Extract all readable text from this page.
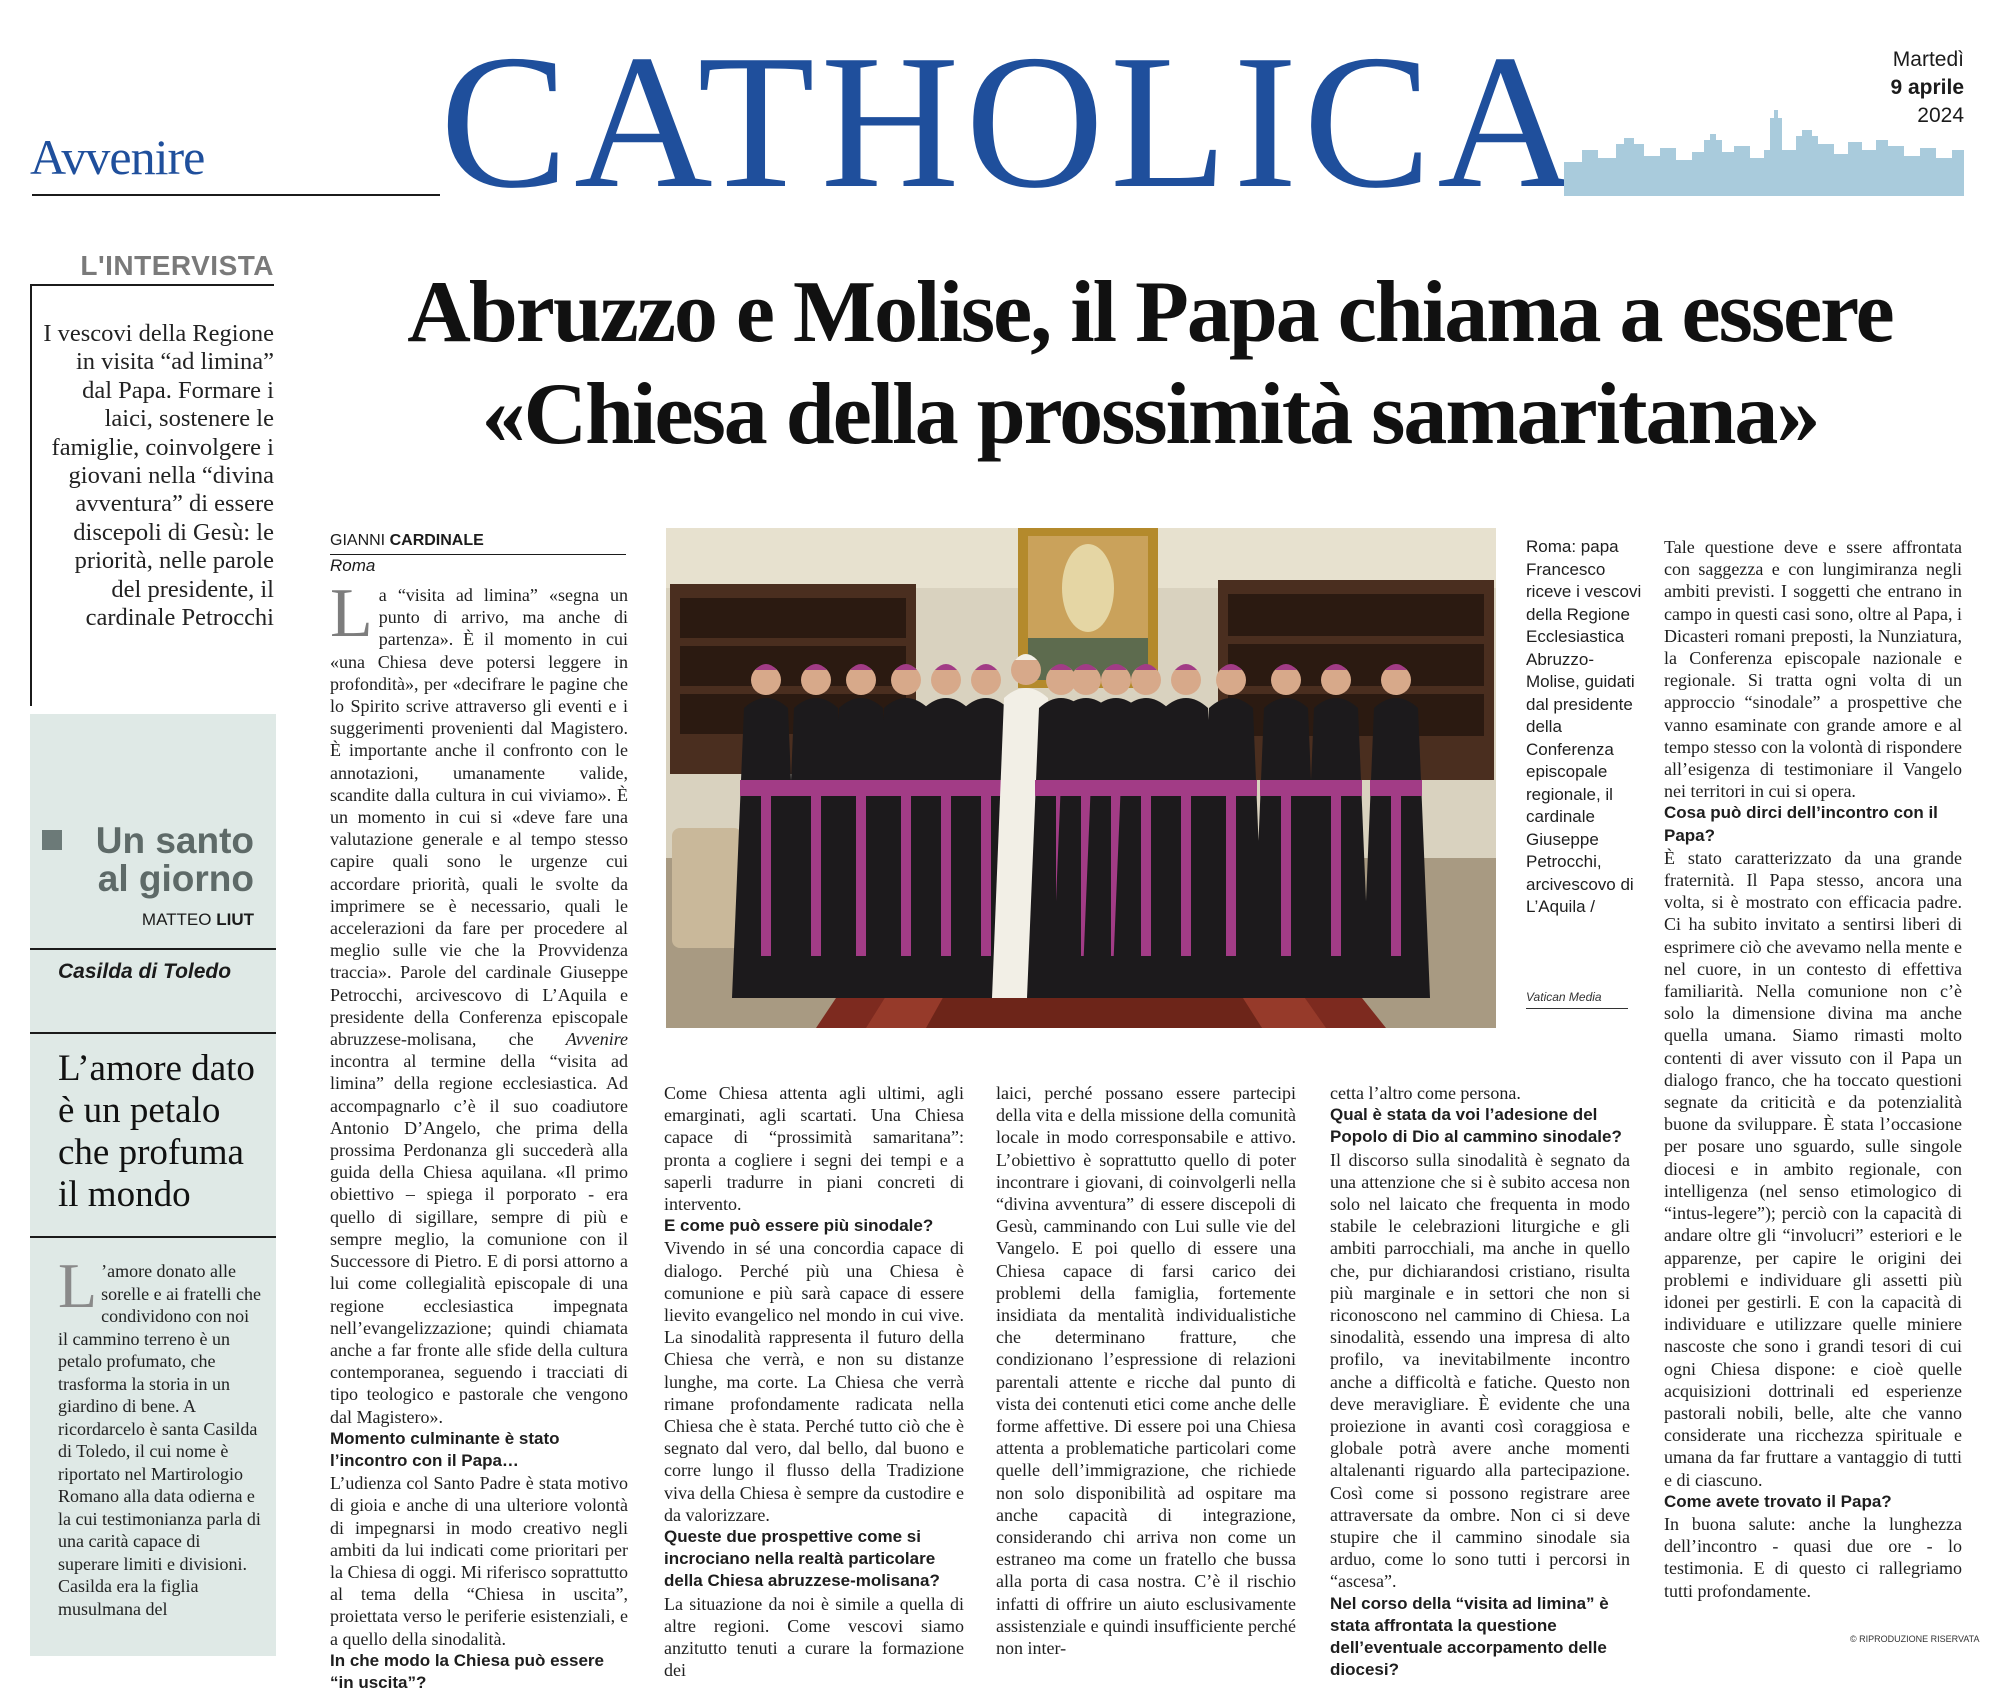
Avvenire CATHOLICA	Martedì
9 aprile
2024
L'INTERVISTA
I vescovi della Regione in visita “ad limina” dal Papa. Formare i laici, sostenere le famiglie, coinvolgere i giovani nella “divina avventura” di essere discepoli di Gesù: le priorità, nelle parole del presidente, il cardinale Petrocchi
Un santo al giorno
MATTEO LIUT
Casilda di Toledo
L’amore dato è un petalo che profuma il mondo
L ’amore donato alle sorelle e ai fratelli che condividono con noi il cammino terreno è un petalo profumato, che trasforma la storia in un giardino di bene. A ricordarcelo è santa Casilda di Toledo, il cui nome è riportato nel Martirologio Romano alla data odierna e la cui testimonianza parla di una carità capace di superare limiti e divisioni. Casilda era la figlia musulmana del
Abruzzo e Molise, il Papa chiama a essere
«Chiesa della prossimità samaritana»
GIANNI CARDINALE
Roma

La “visita ad limina” «segna un punto di arrivo, ma anche di partenza». È il momento in cui «una Chiesa deve potersi leggere in profondità», per «decifrare le pagine che lo Spirito scrive attraverso gli eventi e i suggerimenti provenienti dal Magistero. È importante anche il confronto con le annotazioni, umanamente valide, scandite dalla cultura in cui viviamo». È un momento in cui si «deve fare una valutazione generale e al tempo stesso capire quali sono le urgenze cui accordare priorità, quali le svolte da imprimere se è necessario, quali le accelerazioni da fare per procedere al meglio sulle vie che la Provvidenza traccia». Parole del cardinale Giuseppe Petrocchi, arcivescovo di L’Aquila e presidente della Conferenza episcopale abruzzese-molisana, che Avvenire incontra al termine della “visita ad limina” della regione ecclesiastica. Ad accompagnarlo c’è il suo coadiutore Antonio D’Angelo, che prima della prossima Perdonanza gli succederà alla guida della Chiesa aquilana. «Il primo obiettivo – spiega il porporato - era quello di sigillare, sempre di più e sempre meglio, la comunione con il Successore di Pietro. E di porsi attorno a lui come collegialità episcopale di una regione ecclesiastica impegnata nell’evangelizzazione; quindi chiamata anche a far fronte alle sfide della cultura contemporanea, seguendo i tracciati di tipo teologico e pastorale che vengono dal Magistero».

Momento culminante è stato l’incontro con il Papa…

L’udienza col Santo Padre è stata motivo di gioia e anche di una ulteriore volontà di impegnarsi in modo creativo negli ambiti da lui indicati come prioritari per la Chiesa di oggi. Mi riferisco soprattutto al tema della “Chiesa in uscita”, proiettata verso le periferie esistenziali, e a quello della sinodalità.

In che modo la Chiesa può essere “in uscita”?

Roma: papa Francesco riceve i vescovi della Regione Ecclesiastica Abruzzo-Molise, guidati dal presidente della Conferenza episcopale regionale, il cardinale Giuseppe Petrocchi, arcivescovo di L’Aquila /
Vatican Media

Come Chiesa attenta agli ultimi, agli emarginati, agli scartati. Una Chiesa capace di “prossimità samaritana”: pronta a cogliere i segni dei tempi e a saperli tradurre in piani concreti di intervento.

E come può essere più sinodale?

Vivendo in sé una concordia capace di dialogo. Perché più una Chiesa è comunione e più sarà capace di essere lievito evangelico nel mondo in cui vive. La sinodalità rappresenta il futuro della Chiesa che verrà, e non su distanze lunghe, ma corte. La Chiesa che verrà rimane profondamente radicata nella Chiesa che è stata. Perché tutto ciò che è segnato dal vero, dal bello, dal buono e corre lungo il flusso della Tradizione viva della Chiesa è sempre da custodire e da valorizzare.

Queste due prospettive come si incrociano nella realtà particolare della Chiesa abruzzese-molisana?

La situazione da noi è simile a quella di altre regioni. Come vescovi siamo anzitutto tenuti a curare la formazione dei

laici, perché possano essere partecipi della vita e della missione della comunità locale in modo corresponsabile e attivo. L’obiettivo è soprattutto quello di poter incontrare i giovani, di coinvolgerli nella “divina avventura” di essere discepoli di Gesù, camminando con Lui sulle vie del Vangelo. E poi quello di essere una Chiesa capace di farsi carico dei problemi della famiglia, fortemente insidiata da mentalità individualistiche che determinano fratture, che condizionano l’espressione di relazioni parentali attente e ricche dal punto di vista dei contenuti etici come anche delle forme affettive. Di essere poi una Chiesa attenta a problematiche particolari come quelle dell’immigrazione, che richiede non solo disponibilità ad ospitare ma anche capacità di integrazione, considerando chi arriva non come un estraneo ma come un fratello che bussa alla porta di casa nostra. C’è il rischio infatti di offrire un aiuto esclusivamente assistenziale e quindi insufficiente perché non inter-

cetta l’altro come persona.

Qual è stata da voi l’adesione del Popolo di Dio al cammino sinodale?

Il discorso sulla sinodalità è segnato da una attenzione che si è subito accesa non solo nel laicato che frequenta in modo stabile le celebrazioni liturgiche e gli ambiti parrocchiali, ma anche in quello che, pur dichiarandosi cristiano, risulta più marginale e in settori che non si riconoscono nel cammino di Chiesa. La sinodalità, essendo una impresa di alto profilo, va inevitabilmente incontro anche a difficoltà e fatiche. Questo non deve meravigliare. È evidente che una proiezione in avanti così coraggiosa e globale potrà avere anche momenti altalenanti riguardo alla partecipazione. Così come si possono registrare aree attraversate da ombre. Non ci si deve stupire che il cammino sinodale sia arduo, come lo sono tutti i percorsi in “ascesa”.

Nel corso della “visita ad limina” è stata affrontata la questione dell’eventuale accorpamento delle diocesi?

Tale questione deve e ssere affrontata con saggezza e con lungimiranza negli ambiti previsti. I soggetti che entrano in campo in questi casi sono, oltre al Papa, i Dicasteri romani preposti, la Nunziatura, la Conferenza episcopale nazionale e regionale. Si tratta ogni volta di un approccio “sinodale” a prospettive che vanno esaminate con grande amore e al tempo stesso con la volontà di rispondere all’esigenza di testimoniare il Vangelo nei territori in cui si opera.

Cosa può dirci dell’incontro con il Papa?

È stato caratterizzato da una grande fraternità. Il Papa stesso, ancora una volta, si è mostrato con efficacia padre. Ci ha subito invitato a sentirsi liberi di esprimere ciò che avevamo nella mente e nel cuore, in un contesto di effettiva familiarità. Nella comunione non c’è solo la dimensione divina ma anche quella umana. Siamo rimasti molto contenti di aver vissuto con il Papa un dialogo franco, che ha toccato questioni segnate da criticità e da potenzialità buone da sviluppare. È stata l’occasione per posare uno sguardo, sulle singole diocesi e in ambito regionale, con intelligenza (nel senso etimologico di “intus-legere”); perciò con la capacità di andare oltre gli “involucri” esteriori e le apparenze, per capire le origini dei problemi e individuare gli assetti più idonei per gestirli. E con la capacità di individuare e utilizzare quelle miniere nascoste che sono i grandi tesori di cui ogni Chiesa dispone: e cioè quelle acquisizioni dottrinali ed esperienze pastorali nobili, belle, alte che vanno considerate una ricchezza spirituale e umana da far fruttare a vantaggio di tutti e di ciascuno.

Come avete trovato il Papa?

In buona salute: anche la lunghezza dell’incontro - quasi due ore - lo testimonia. E di questo ci rallegriamo tutti profondamente.

© RIPRODUZIONE RISERVATA
